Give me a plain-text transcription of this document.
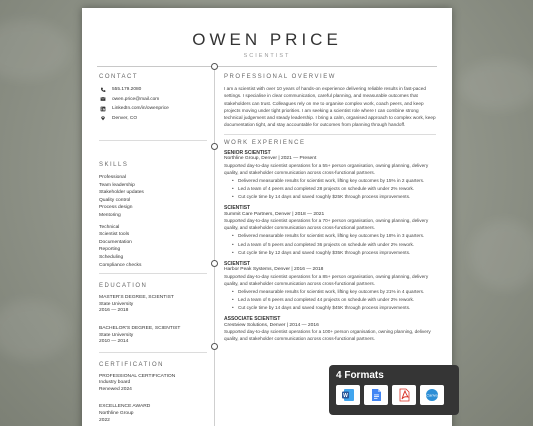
OWEN PRICE
SCIENTIST
CONTACT
555.179.2080
owen.price@mail.com
LinkedIn.com/in/owenprice
Denver, CO
SKILLS
Professional
Team leadership
Stakeholder updates
Quality control
Process design
Mentoring
Technical
Scientist tools
Documentation
Reporting
Scheduling
Compliance checks
EDUCATION
MASTER'S DEGREE, SCIENTIST
State University
2016 — 2018
BACHELOR'S DEGREE, SCIENTIST
State University
2010 — 2014
CERTIFICATION
PROFESSIONAL CERTIFICATION
Industry board
Renewed 2024
EXCELLENCE AWARD
Northline Group
2022
PROFESSIONAL OVERVIEW
I am a scientist with over 10 years of hands-on experience delivering reliable results in fast-paced settings. I specialise in clear communication, careful planning, and measurable outcomes that stakeholders can trust. Colleagues rely on me to organise complex work, coach peers, and keep projects moving under tight priorities. I am seeking a scientist role where I can combine strong technical judgement and steady leadership. I bring a calm, organised approach to complex work, keep documentation tight, and stay accountable for outcomes from planning through handoff.
WORK EXPERIENCE
SENIOR SCIENTIST
Northline Group, Denver | 2021 — Present
Supported day-to-day scientist operations for a 55+ person organisation, owning planning, delivery quality, and stakeholder communication across cross-functional partners.
• Delivered measurable results for scientist work, lifting key outcomes by 15% in 2 quarters.
• Led a team of 4 peers and completed 28 projects on schedule with under 2% rework.
• Cut cycle time by 14 days and saved roughly $25K through process improvements.
SCIENTIST
Summit Care Partners, Denver | 2018 — 2021
Supported day-to-day scientist operations for a 70+ person organisation, owning planning, delivery quality, and stakeholder communication across cross-functional partners.
• Delivered measurable results for scientist work, lifting key outcomes by 18% in 3 quarters.
• Led a team of 5 peers and completed 36 projects on schedule with under 2% rework.
• Cut cycle time by 12 days and saved roughly $35K through process improvements.
SCIENTIST
Harbor Peak Systems, Denver | 2016 — 2018
Supported day-to-day scientist operations for a 85+ person organisation, owning planning, delivery quality, and stakeholder communication across cross-functional partners.
• Delivered measurable results for scientist work, lifting key outcomes by 21% in 4 quarters.
• Led a team of 6 peers and completed 44 projects on schedule with under 2% rework.
• Cut cycle time by 14 days and saved roughly $45K through process improvements.
ASSOCIATE SCIENTIST
Crestview Solutions, Denver | 2014 — 2016
Supported day-to-day scientist operations for a 100+ person organisation, owning planning, delivery quality, and stakeholder communication across cross-functional partners.
4 Formats
W	Canva
